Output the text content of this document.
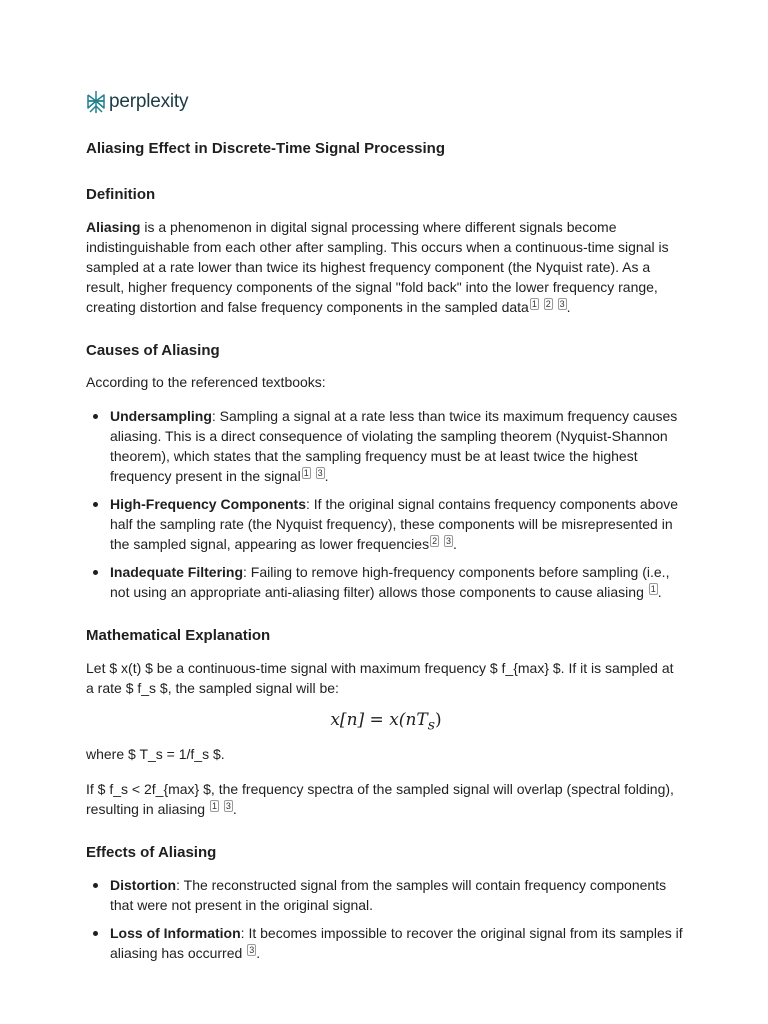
perplexity
Aliasing Effect in Discrete-Time Signal Processing
Definition

Aliasing is a phenomenon in digital signal processing where different signals become indistinguishable from each other after sampling. This occurs when a continuous-time signal is sampled at a rate lower than twice its highest frequency component (the Nyquist rate). As a result, higher frequency components of the signal "fold back" into the lower frequency range, creating distortion and false frequency components in the sampled data $^1$ $^2$ $^3$ .

Causes of Aliasing

According to the referenced textbooks:

Undersampling: Sampling a signal at a rate less than twice its maximum frequency causes aliasing. This is a direct consequence of violating the sampling theorem (Nyquist-Shannon theorem), which states that the sampling frequency must be at least twice the highest frequency present in the signal $^1$ $^3$ .
High-Frequency Components: If the original signal contains frequency components above half the sampling rate (the Nyquist frequency), these components will be misrepresented in the sampled signal, appearing as lower frequencies $^2$ $^3$ .
Inadequate Filtering: Failing to remove high-frequency components before sampling (i.e., not using an appropriate anti-aliasing filter) allows those components to cause aliasing $^1$ .
Mathematical Explanation

Let $ x(t) $ be a continuous-time signal with maximum frequency $ f_{max} $. If it is sampled at a rate $ f_s $, the sampled signal will be:

$x[n] = x(nT_s)$

where $ T_s = 1/f_s $.

If $ f_s < 2f_{max} $, the frequency spectra of the sampled signal will overlap (spectral folding), resulting in aliasing $^1$ $^3$ .

Effects of Aliasing
Distortion: The reconstructed signal from the samples will contain frequency components that were not present in the original signal.
Loss of Information: It becomes impossible to recover the original signal from its samples if aliasing has occurred $^3$ .
